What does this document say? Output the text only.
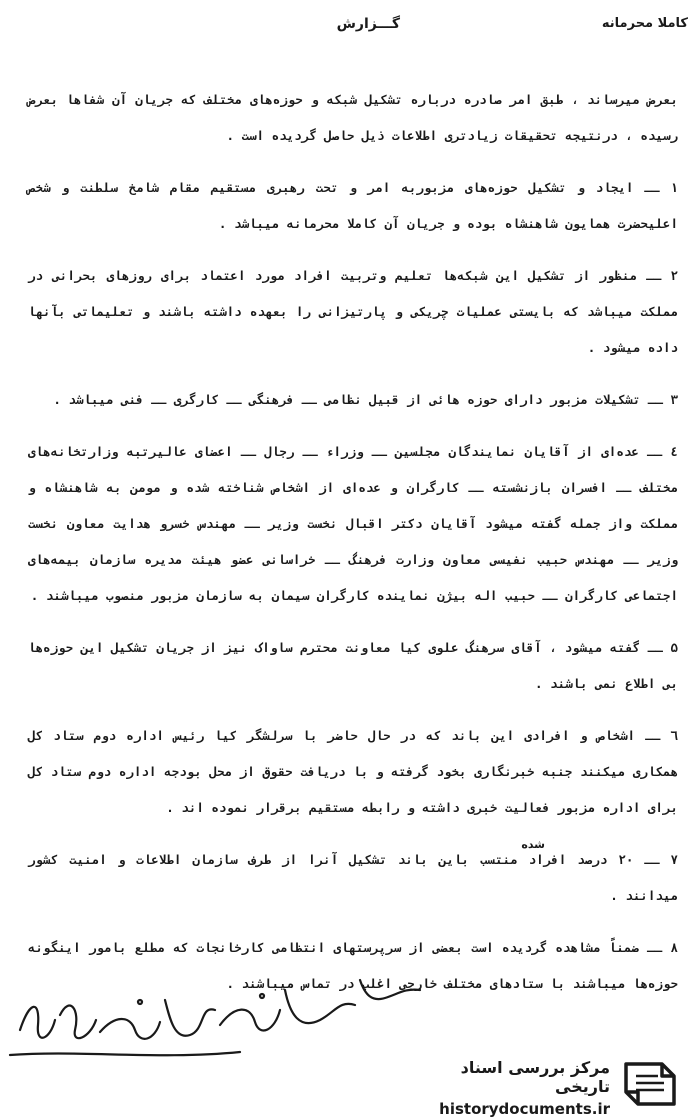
کاملا محرمانه
گـــزارش

بعرض میرساند ، طبق امر صادره درباره تشکیل شبکه و حوزه‌های مختلف که جریان آن شفاها بعرض رسیده ، درنتیجه تحقیقات زیادتری اطلاعات ذیل حاصل گردیده است .

۱ ــ ایجاد و تشکیل حوزه‌های مزبوربه امر و تحت رهبری مستقیم مقام شامخ سلطنت و شخص اعلیحضرت همایون شاهنشاه بوده و جریان آن کاملا محرمانه میباشد .

۲ ــ منظور از تشکیل این شبکه‌ها تعلیم وتربیت افراد مورد اعتماد برای روزهای بحرانی در مملکت میباشد که بایستی عملیات چریکی و پارتیزانی را بعهده داشته باشند و تعلیماتی بآنها داده میشود .

۳ ــ تشکیلات مزبور دارای حوزه هائی از قبیل نظامی ــ فرهنگی ــ کارگری ــ فنی میباشد .

٤ ــ عده‌ای از آقایان نمایندگان مجلسین ــ وزراء ــ رجال ــ اعضای عالیرتبه وزارتخانه‌های مختلف ــ افسران بازنشسته ــ کارگران و عده‌ای از اشخاص شناخته شده و مومن به شاهنشاه و مملکت واز جمله گفته میشود آقایان دکتر اقبال نخست وزیر ــ مهندس خسرو هدایت معاون نخست وزیر ــ مهندس حبیب نفیسی معاون وزارت فرهنگ ــ خراسانی عضو هیئت مدیره سازمان بیمه‌های اجتماعی کارگران ــ حبیب اله بیژن نماینده کارگران سیمان به سازمان مزبور منصوب میباشند .

۵ ــ گفته میشود ، آقای سرهنگ علوی کیا معاونت محترم ساواک نیز از جریان تشکیل این حوزه‌ها بی اطلاع نمی باشند .

٦ ــ اشخاص و افرادی این باند که در حال حاضر با سرلشگر کیا رئیس اداره دوم ستاد کل همکاری میکنند جنبه خبرنگاری بخود گرفته و با دریافت حقوق از محل بودجه اداره دوم ستاد کل برای اداره مزبور فعالیت خبری داشته و رابطه مستقیم برقرار نموده اند .

۷ ــ ۲۰ درصد افراد منتسب باین باند تشکیل آنرا از طرف سازمان اطلاعات و امنیت کشور میدانند .

۸ ــ ضمناً مشاهده گردیده است بعضی از سرپرستهای انتظامی کارخانجات که مطلع بامور اینگونه حوزه‌ها میباشند با ستادهای مختلف خارجی اغلب در تماس میباشند .

شده
مرکز بررسی اسناد تاریخی
historydocuments.ir
